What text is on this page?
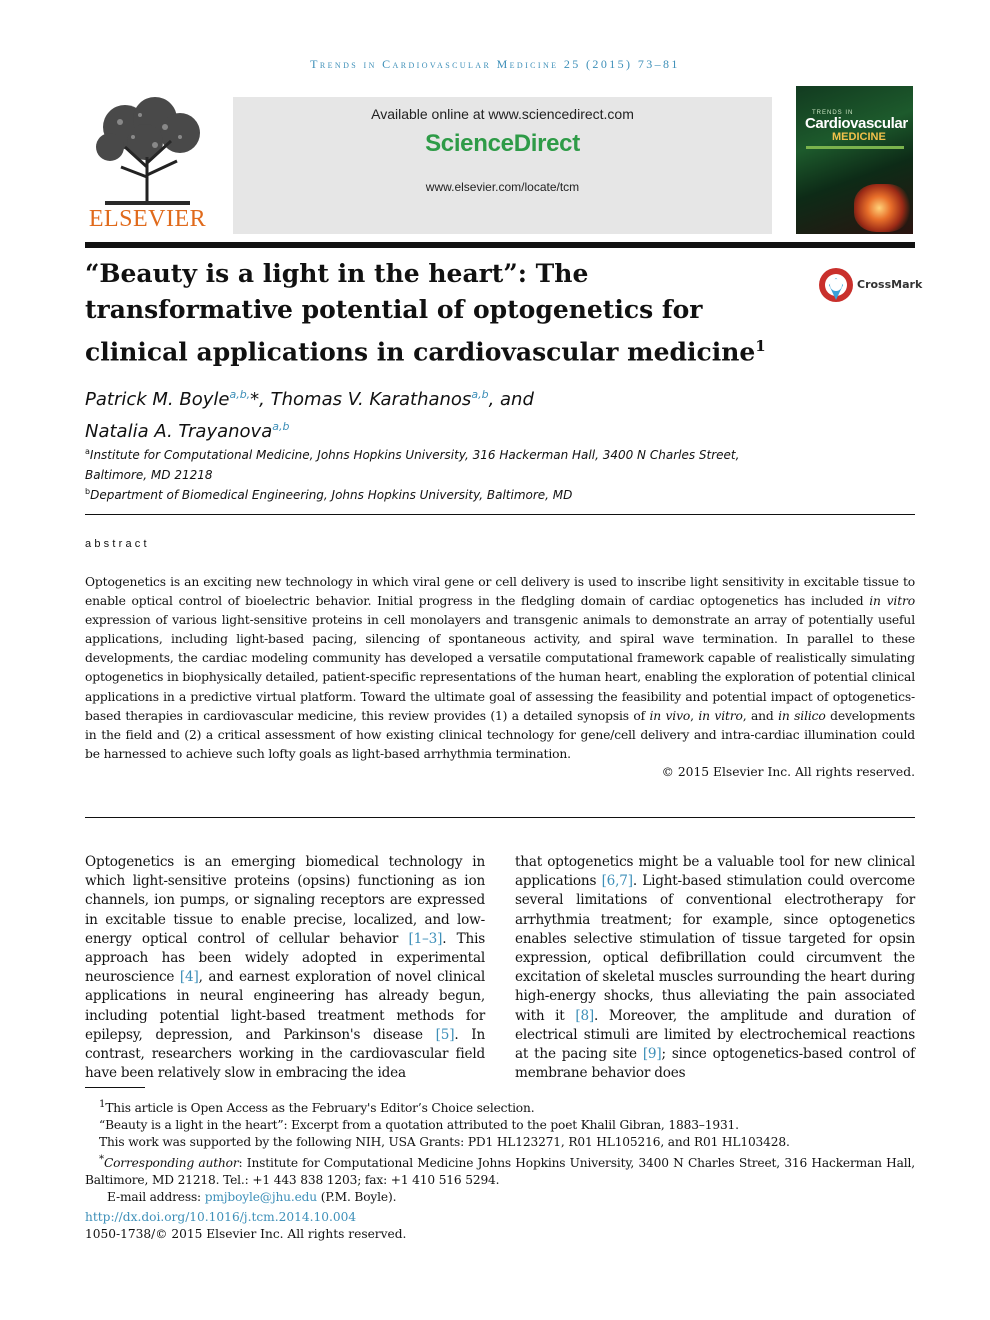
Trends in Cardiovascular Medicine 25 (2015) 73–81
ELSEVIER
Available online at www.sciencedirect.com
ScienceDirect
www.elsevier.com/locate/tcm
TRENDS IN
Cardiovascular
MEDICINE
“Beauty is a light in the heart”: The transformative potential of optogenetics for clinical applications in cardiovascular medicine$^1$
CrossMark
Patrick M. Boyle$^{a,b,}$*, Thomas V. Karathanos$^{a,b}$, and
Natalia A. Trayanova$^{a,b}$
$^a$Institute for Computational Medicine, Johns Hopkins University, 316 Hackerman Hall, 3400 N Charles Street, Baltimore, MD 21218
$^b$Department of Biomedical Engineering, Johns Hopkins University, Baltimore, MD
abstract

Optogenetics is an exciting new technology in which viral gene or cell delivery is used to inscribe light sensitivity in excitable tissue to enable optical control of bioelectric behavior. Initial progress in the fledgling domain of cardiac optogenetics has included in vitro expression of various light-sensitive proteins in cell monolayers and transgenic animals to demonstrate an array of potentially useful applications, including light-based pacing, silencing of spontaneous activity, and spiral wave termination. In parallel to these developments, the cardiac modeling community has developed a versatile computational framework capable of realistically simulating optogenetics in biophysically detailed, patient-specific representations of the human heart, enabling the exploration of potential clinical applications in a predictive virtual platform. Toward the ultimate goal of assessing the feasibility and potential impact of optogenetics-based therapies in cardiovascular medicine, this review provides (1) a detailed synopsis of in vivo, in vitro, and in silico developments in the field and (2) a critical assessment of how existing clinical technology for gene/cell delivery and intra-cardiac illumination could be harnessed to achieve such lofty goals as light-based arrhythmia termination.

© 2015 Elsevier Inc. All rights reserved.

Optogenetics is an emerging biomedical technology in which light-sensitive proteins (opsins) functioning as ion channels, ion pumps, or signaling receptors are expressed in excitable tissue to enable precise, localized, and low-energy optical control of cellular behavior [1–3]. This approach has been widely adopted in experimental neuroscience [4], and earnest exploration of novel clinical applications in neural engineering has already begun, including potential light-based treatment methods for epilepsy, depression, and Parkinson's disease [5]. In contrast, researchers working in the cardiovascular field have been relatively slow in embracing the idea

that optogenetics might be a valuable tool for new clinical applications [6,7]. Light-based stimulation could overcome several limitations of conventional electrotherapy for arrhythmia treatment; for example, since optogenetics enables selective stimulation of tissue targeted for opsin expression, optical defibrillation could circumvent the excitation of skeletal muscles surrounding the heart during high-energy shocks, thus alleviating the pain associated with it [8]. Moreover, the amplitude and duration of electrical stimuli are limited by electrochemical reactions at the pacing site [9]; since optogenetics-based control of membrane behavior does

$^1$This article is Open Access as the February's Editor’s Choice selection.

“Beauty is a light in the heart”: Excerpt from a quotation attributed to the poet Khalil Gibran, 1883–1931.

This work was supported by the following NIH, USA Grants: PD1 HL123271, R01 HL105216, and R01 HL103428.

*Corresponding author: Institute for Computational Medicine Johns Hopkins University, 3400 N Charles Street, 316 Hackerman Hall, Baltimore, MD 21218. Tel.: +1 443 838 1203; fax: +1 410 516 5294.

E-mail address: pmjboyle@jhu.edu (P.M. Boyle).

http://dx.doi.org/10.1016/j.tcm.2014.10.004
1050-1738/© 2015 Elsevier Inc. All rights reserved.
